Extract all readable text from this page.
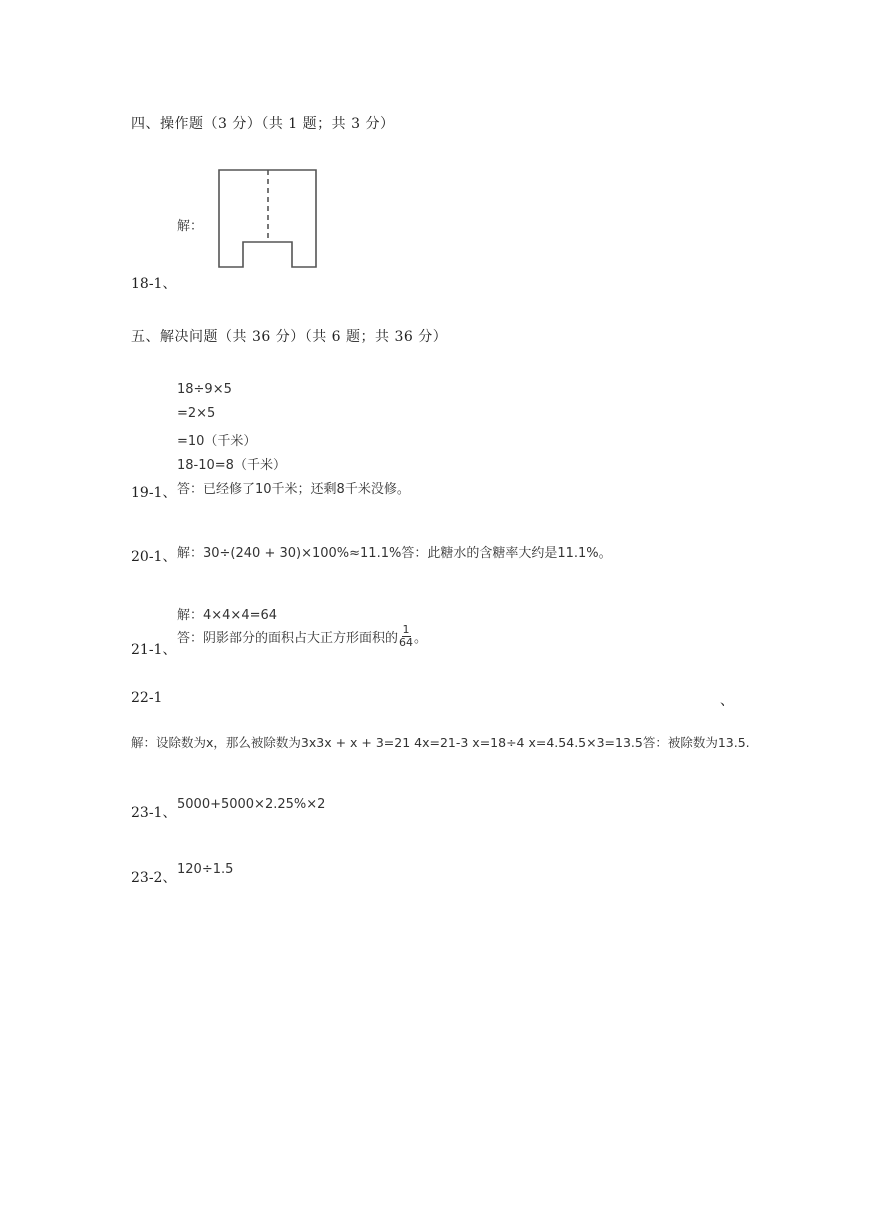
四、操作题（3 分）（共 1 题；共 3 分）
解：
18-1、
五、解决问题（共 36 分）（共 6 题；共 36 分）
18÷9×5
=2×5
=10（千米）
18-10=8（千米）
答：已经修了10千米；还剩8千米没修。
19-1、
20-1、 解：30÷(240 + 30)×100%≈11.1%答：此糖水的含糖率大约是11.1%。
解：4×4×4=64
答：阴影部分的面积占大正方形面积的 $\frac{1}{64}$ 。
21-1、
22-1	、
解：设除数为x，那么被除数为3x3x + x + 3=21 4x=21-3 x=18÷4 x=4.54.5×3=13.5答：被除数为13.5.
23-1、
5000+5000×2.25%×2
23-2、
120÷1.5
